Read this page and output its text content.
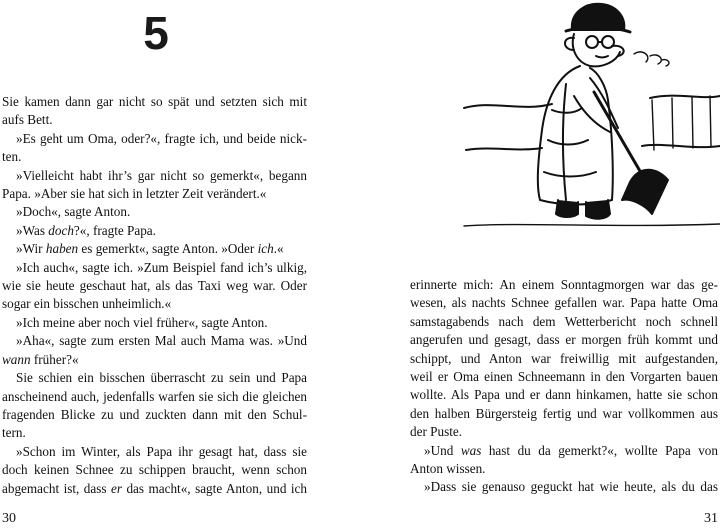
5
Sie kamen dann gar nicht so spät und setzten sich mit
aufs Bett.
»Es geht um Oma, oder?«, fragte ich, und beide nick-
ten.
»Vielleicht habt ihr’s gar nicht so gemerkt«, begann
Papa. »Aber sie hat sich in letzter Zeit verändert.«
»Doch«, sagte Anton.
»Was doch?«, fragte Papa.
»Wir haben es gemerkt«, sagte Anton. »Oder ich.«
»Ich auch«, sagte ich. »Zum Beispiel fand ich’s ulkig,
wie sie heute geschaut hat, als das Taxi weg war. Oder
sogar ein bisschen unheimlich.«
»Ich meine aber noch viel früher«, sagte Anton.
»Aha«, sagte zum ersten Mal auch Mama was. »Und
wann früher?«
Sie schien ein bisschen überrascht zu sein und Papa
anscheinend auch, jedenfalls warfen sie sich die gleichen
fragenden Blicke zu und zuckten dann mit den Schul-
tern.
»Schon im Winter, als Papa ihr gesagt hat, dass sie
doch keinen Schnee zu schippen braucht, wenn schon
abgemacht ist, dass er das macht«, sagte Anton, und ich
30
erinnerte mich: An einem Sonntagmorgen war das ge-
wesen, als nachts Schnee gefallen war. Papa hatte Oma
samstagabends nach dem Wetterbericht noch schnell
angerufen und gesagt, dass er morgen früh kommt und
schippt, und Anton war freiwillig mit aufgestanden,
weil er Oma einen Schneemann in den Vorgarten bauen
wollte. Als Papa und er dann hinkamen, hatte sie schon
den halben Bürgersteig fertig und war vollkommen aus
der Puste.
»Und was hast du da gemerkt?«, wollte Papa von
Anton wissen.
»Dass sie genauso geguckt hat wie heute, als du das
31
